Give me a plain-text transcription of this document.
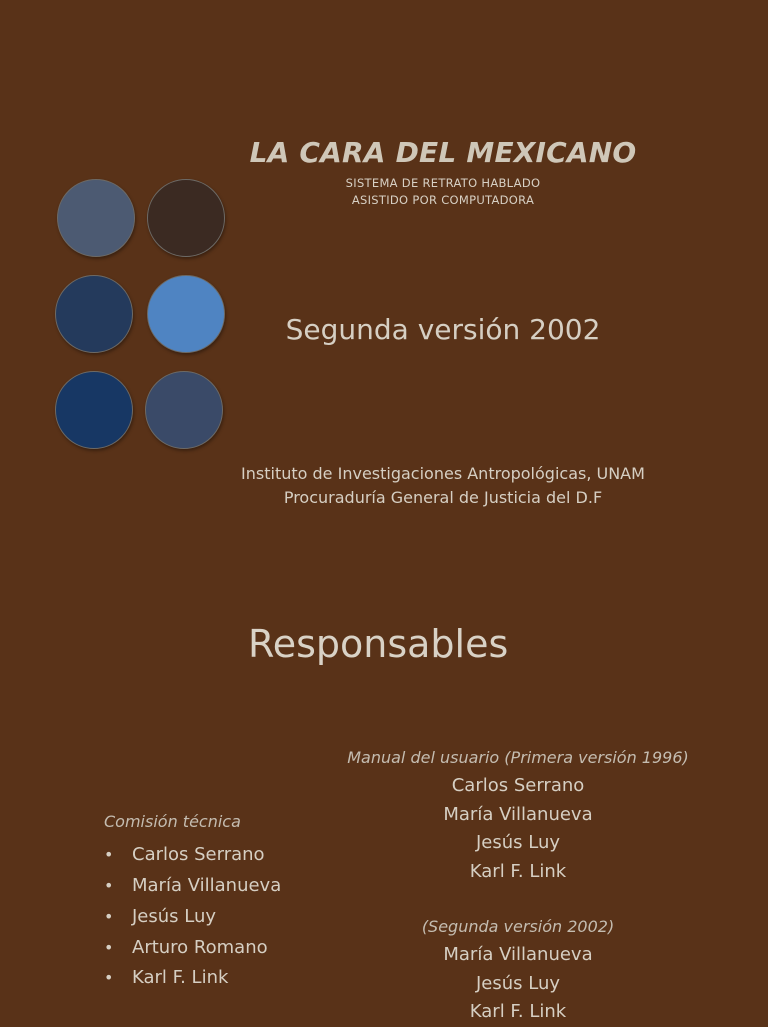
LA CARA DEL MEXICANO
SISTEMA DE RETRATO HABLADO
ASISTIDO POR COMPUTADORA
Segunda versión 2002
Instituto de Investigaciones Antropológicas, UNAM
Procuraduría General de Justicia del D.F
Responsables
Comisión técnica
•	Carlos Serrano
•	María Villanueva
•	Jesús Luy
•	Arturo Romano
•	Karl F. Link
Manual del usuario (Primera versión 1996)
Carlos Serrano
María Villanueva
Jesús Luy
Karl F. Link
(Segunda versión 2002)
María Villanueva
Jesús Luy
Karl F. Link
